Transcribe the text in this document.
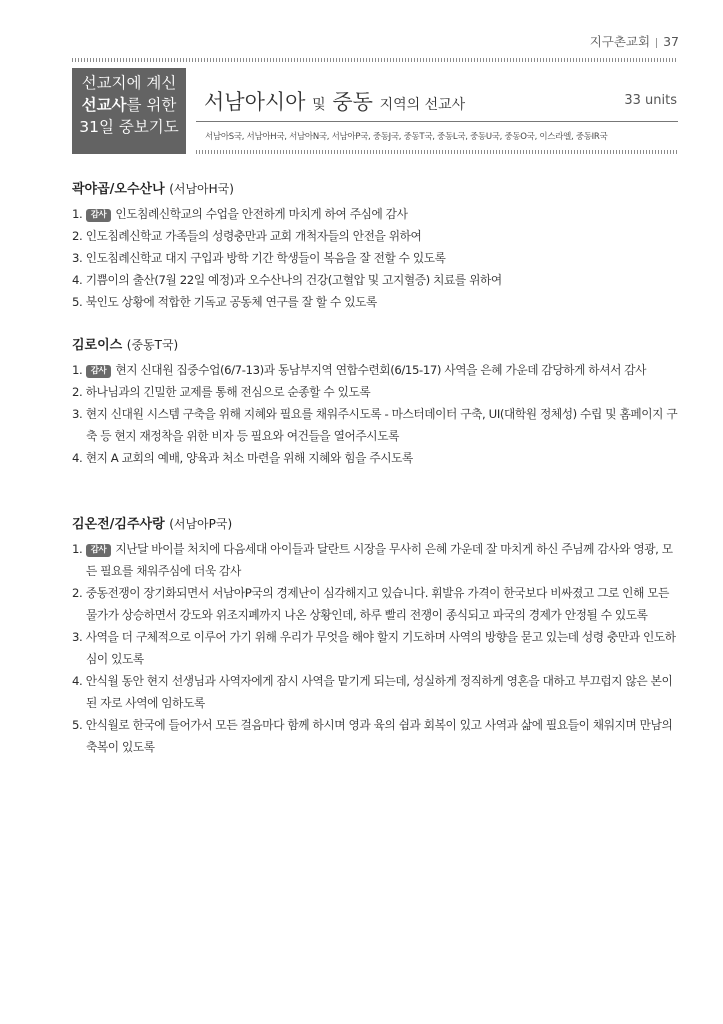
지구촌교회 37
선교지에 계신
선교사를 위한
31일 중보기도
서남아시아 및 중동 지역의 선교사	33 units
서남아S국, 서남아H국, 서남아N국, 서남아P국, 중동J국, 중동T국, 중동L국, 중동U국, 중동O국, 이스라엘, 중동IR국
곽야곱/오수산나 (서남아H국)
1. 감사 인도침례신학교의 수업을 안전하게 마치게 하여 주심에 감사
2. 인도침례신학교 가족들의 성령충만과 교회 개척자들의 안전을 위하여
3. 인도침례신학교 대지 구입과 방학 기간 학생들이 복음을 잘 전할 수 있도록
4. 기쁨이의 출산(7월 22일 예정)과 오수산나의 건강(고혈압 및 고지혈증) 치료를 위하여
5. 북인도 상황에 적합한 기독교 공동체 연구를 잘 할 수 있도록
김로이스 (중동T국)
1. 감사 현지 신대원 집중수업(6/7-13)과 동남부지역 연합수련회(6/15-17) 사역을 은혜 가운데 감당하게 하셔서 감사
2. 하나님과의 긴밀한 교제를 통해 전심으로 순종할 수 있도록
3. 현지 신대원 시스템 구축을 위해 지혜와 필요를 채워주시도록 - 마스터데이터 구축, UI(대학원 정체성) 수립 및 홈페이지 구축 등 현지 재정착을 위한 비자 등 필요와 여건들을 열어주시도록
4. 현지 A 교회의 예배, 양육과 처소 마련을 위해 지혜와 힘을 주시도록
김온전/김주사랑 (서남아P국)
1. 감사 지난달 바이블 처치에 다음세대 아이들과 달란트 시장을 무사히 은혜 가운데 잘 마치게 하신 주님께 감사와 영광, 모든 필요를 채워주심에 더욱 감사
2. 중동전쟁이 장기화되면서 서남아P국의 경제난이 심각해지고 있습니다. 휘발유 가격이 한국보다 비싸졌고 그로 인해 모든 물가가 상승하면서 강도와 위조지폐까지 나온 상황인데, 하루 빨리 전쟁이 종식되고 파국의 경제가 안정될 수 있도록
3. 사역을 더 구체적으로 이루어 가기 위해 우리가 무엇을 해야 할지 기도하며 사역의 방향을 묻고 있는데 성령 충만과 인도하심이 있도록
4. 안식월 동안 현지 선생님과 사역자에게 잠시 사역을 맡기게 되는데, 성실하게 정직하게 영혼을 대하고 부끄럽지 않은 본이 된 자로 사역에 임하도록
5. 안식월로 한국에 들어가서 모든 걸음마다 함께 하시며 영과 육의 쉼과 회복이 있고 사역과 삶에 필요들이 채워지며 만남의 축복이 있도록
